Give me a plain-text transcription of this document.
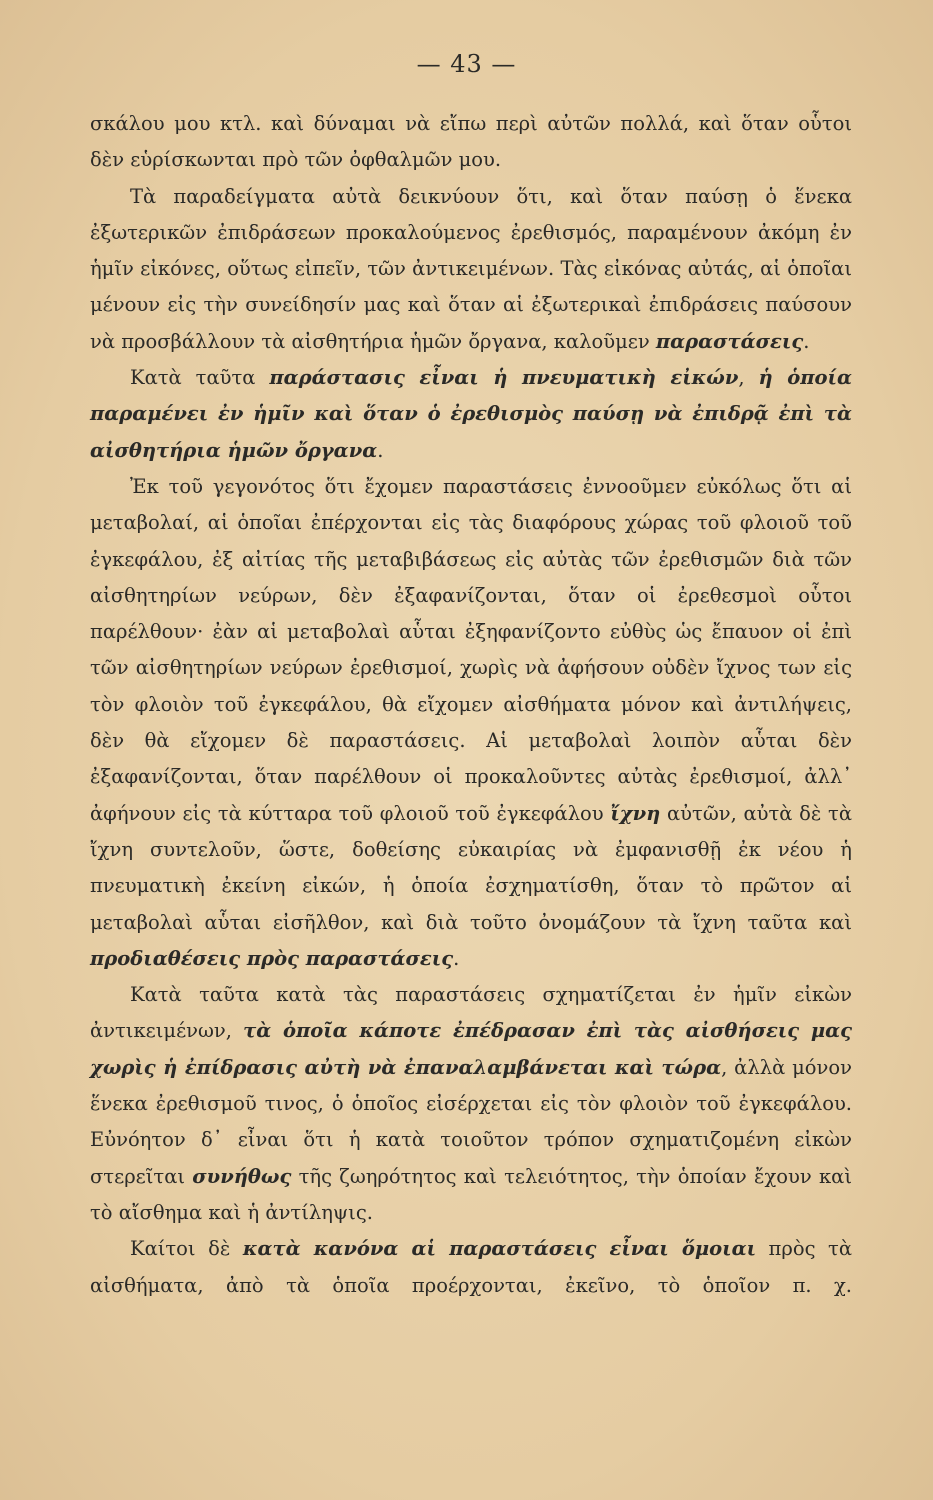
— 43 —

σκάλου μου κτλ. καὶ δύναμαι νὰ εἴπω περὶ αὐτῶν πολλά, καὶ ὅταν οὗτοι δὲν εὑρίσκωνται πρὸ τῶν ὀφθαλμῶν μου.

Τὰ παραδείγματα αὐτὰ δεικνύουν ὅτι, καὶ ὅταν παύσῃ ὁ ἕνεκα ἐξωτερικῶν ἐπιδράσεων προκαλούμενος ἐρεθισμός, παραμένουν ἀκόμη ἐν ἡμῖν εἰκόνες, οὕτως εἰπεῖν, τῶν ἀντικειμένων. Τὰς εἰκόνας αὐτάς, αἱ ὁποῖαι μένουν εἰς τὴν συνείδησίν μας καὶ ὅταν αἱ ἐξωτερικαὶ ἐπιδράσεις παύσουν νὰ προσβάλλουν τὰ αἰσθητήρια ἡμῶν ὄργανα, καλοῦμεν παραστάσεις.

Κατὰ ταῦτα παράστασις εἶναι ἡ πνευματικὴ εἰκών, ἡ ὁποία παραμένει ἐν ἡμῖν καὶ ὅταν ὁ ἐρεθισμὸς παύσῃ νὰ ἐπιδρᾷ ἐπὶ τὰ αἰσθητήρια ἡμῶν ὄργανα.

Ἐκ τοῦ γεγονότος ὅτι ἔχομεν παραστάσεις ἐννοοῦμεν εὐκόλως ὅτι αἱ μεταβολαί, αἱ ὁποῖαι ἐπέρχονται εἰς τὰς διαφόρους χώρας τοῦ φλοιοῦ τοῦ ἐγκεφάλου, ἐξ αἰτίας τῆς μεταβιβάσεως εἰς αὐτὰς τῶν ἐρεθισμῶν διὰ τῶν αἰσθητηρίων νεύρων, δὲν ἐξαφανίζονται, ὅταν οἱ ἐρεθεσμοὶ οὗτοι παρέλθουν· ἐὰν αἱ μεταβολαὶ αὗται ἐξηφανίζοντο εὐθὺς ὡς ἔπαυον οἱ ἐπὶ τῶν αἰσθητηρίων νεύρων ἐρεθισμοί, χωρὶς νὰ ἀφήσουν οὐδὲν ἴχνος των εἰς τὸν φλοιὸν τοῦ ἐγκεφάλου, θὰ εἴχομεν αἰσθήματα μόνον καὶ ἀντιλήψεις, δὲν θὰ εἴχομεν δὲ παραστάσεις. Αἱ μεταβολαὶ λοιπὸν αὗται δὲν ἐξαφανίζονται, ὅταν παρέλθουν οἱ προκαλοῦντες αὐτὰς ἐρεθισμοί, ἀλλ᾽ ἀφήνουν εἰς τὰ κύτταρα τοῦ φλοιοῦ τοῦ ἐγκεφάλου ἴχνη αὐτῶν, αὐτὰ δὲ τὰ ἴχνη συντελοῦν, ὥστε, δοθείσης εὐκαιρίας νὰ ἐμφανισθῇ ἐκ νέου ἡ πνευματικὴ ἐκείνη εἰκών, ἡ ὁποία ἐσχηματίσθη, ὅταν τὸ πρῶτον αἱ μεταβολαὶ αὗται εἰσῆλθον, καὶ διὰ τοῦτο ὀνομάζουν τὰ ἴχνη ταῦτα καὶ προδιαθέσεις πρὸς παραστάσεις.

Κατὰ ταῦτα κατὰ τὰς παραστάσεις σχηματίζεται ἐν ἡμῖν εἰκὼν ἀντικειμένων, τὰ ὁποῖα κάποτε ἐπέδρασαν ἐπὶ τὰς αἰσθήσεις μας χωρὶς ἡ ἐπίδρασις αὐτὴ νὰ ἐπαναλαμβάνεται καὶ τώρα, ἀλλὰ μόνον ἕνεκα ἐρεθισμοῦ τινος, ὁ ὁποῖος εἰσέρχεται εἰς τὸν φλοιὸν τοῦ ἐγκεφάλου. Εὐνόητον δ᾽ εἶναι ὅτι ἡ κατὰ τοιοῦτον τρόπον σχηματιζομένη εἰκὼν στερεῖται συνήθως τῆς ζωηρότητος καὶ τελειότητος, τὴν ὁποίαν ἔχουν καὶ τὸ αἴσθημα καὶ ἡ ἀντίληψις.

Καίτοι δὲ κατὰ κανόνα αἱ παραστάσεις εἶναι ὅμοιαι πρὸς τὰ αἰσθήματα, ἀπὸ τὰ ὁποῖα προέρχονται, ἐκεῖνο, τὸ ὁποῖον π. χ.
